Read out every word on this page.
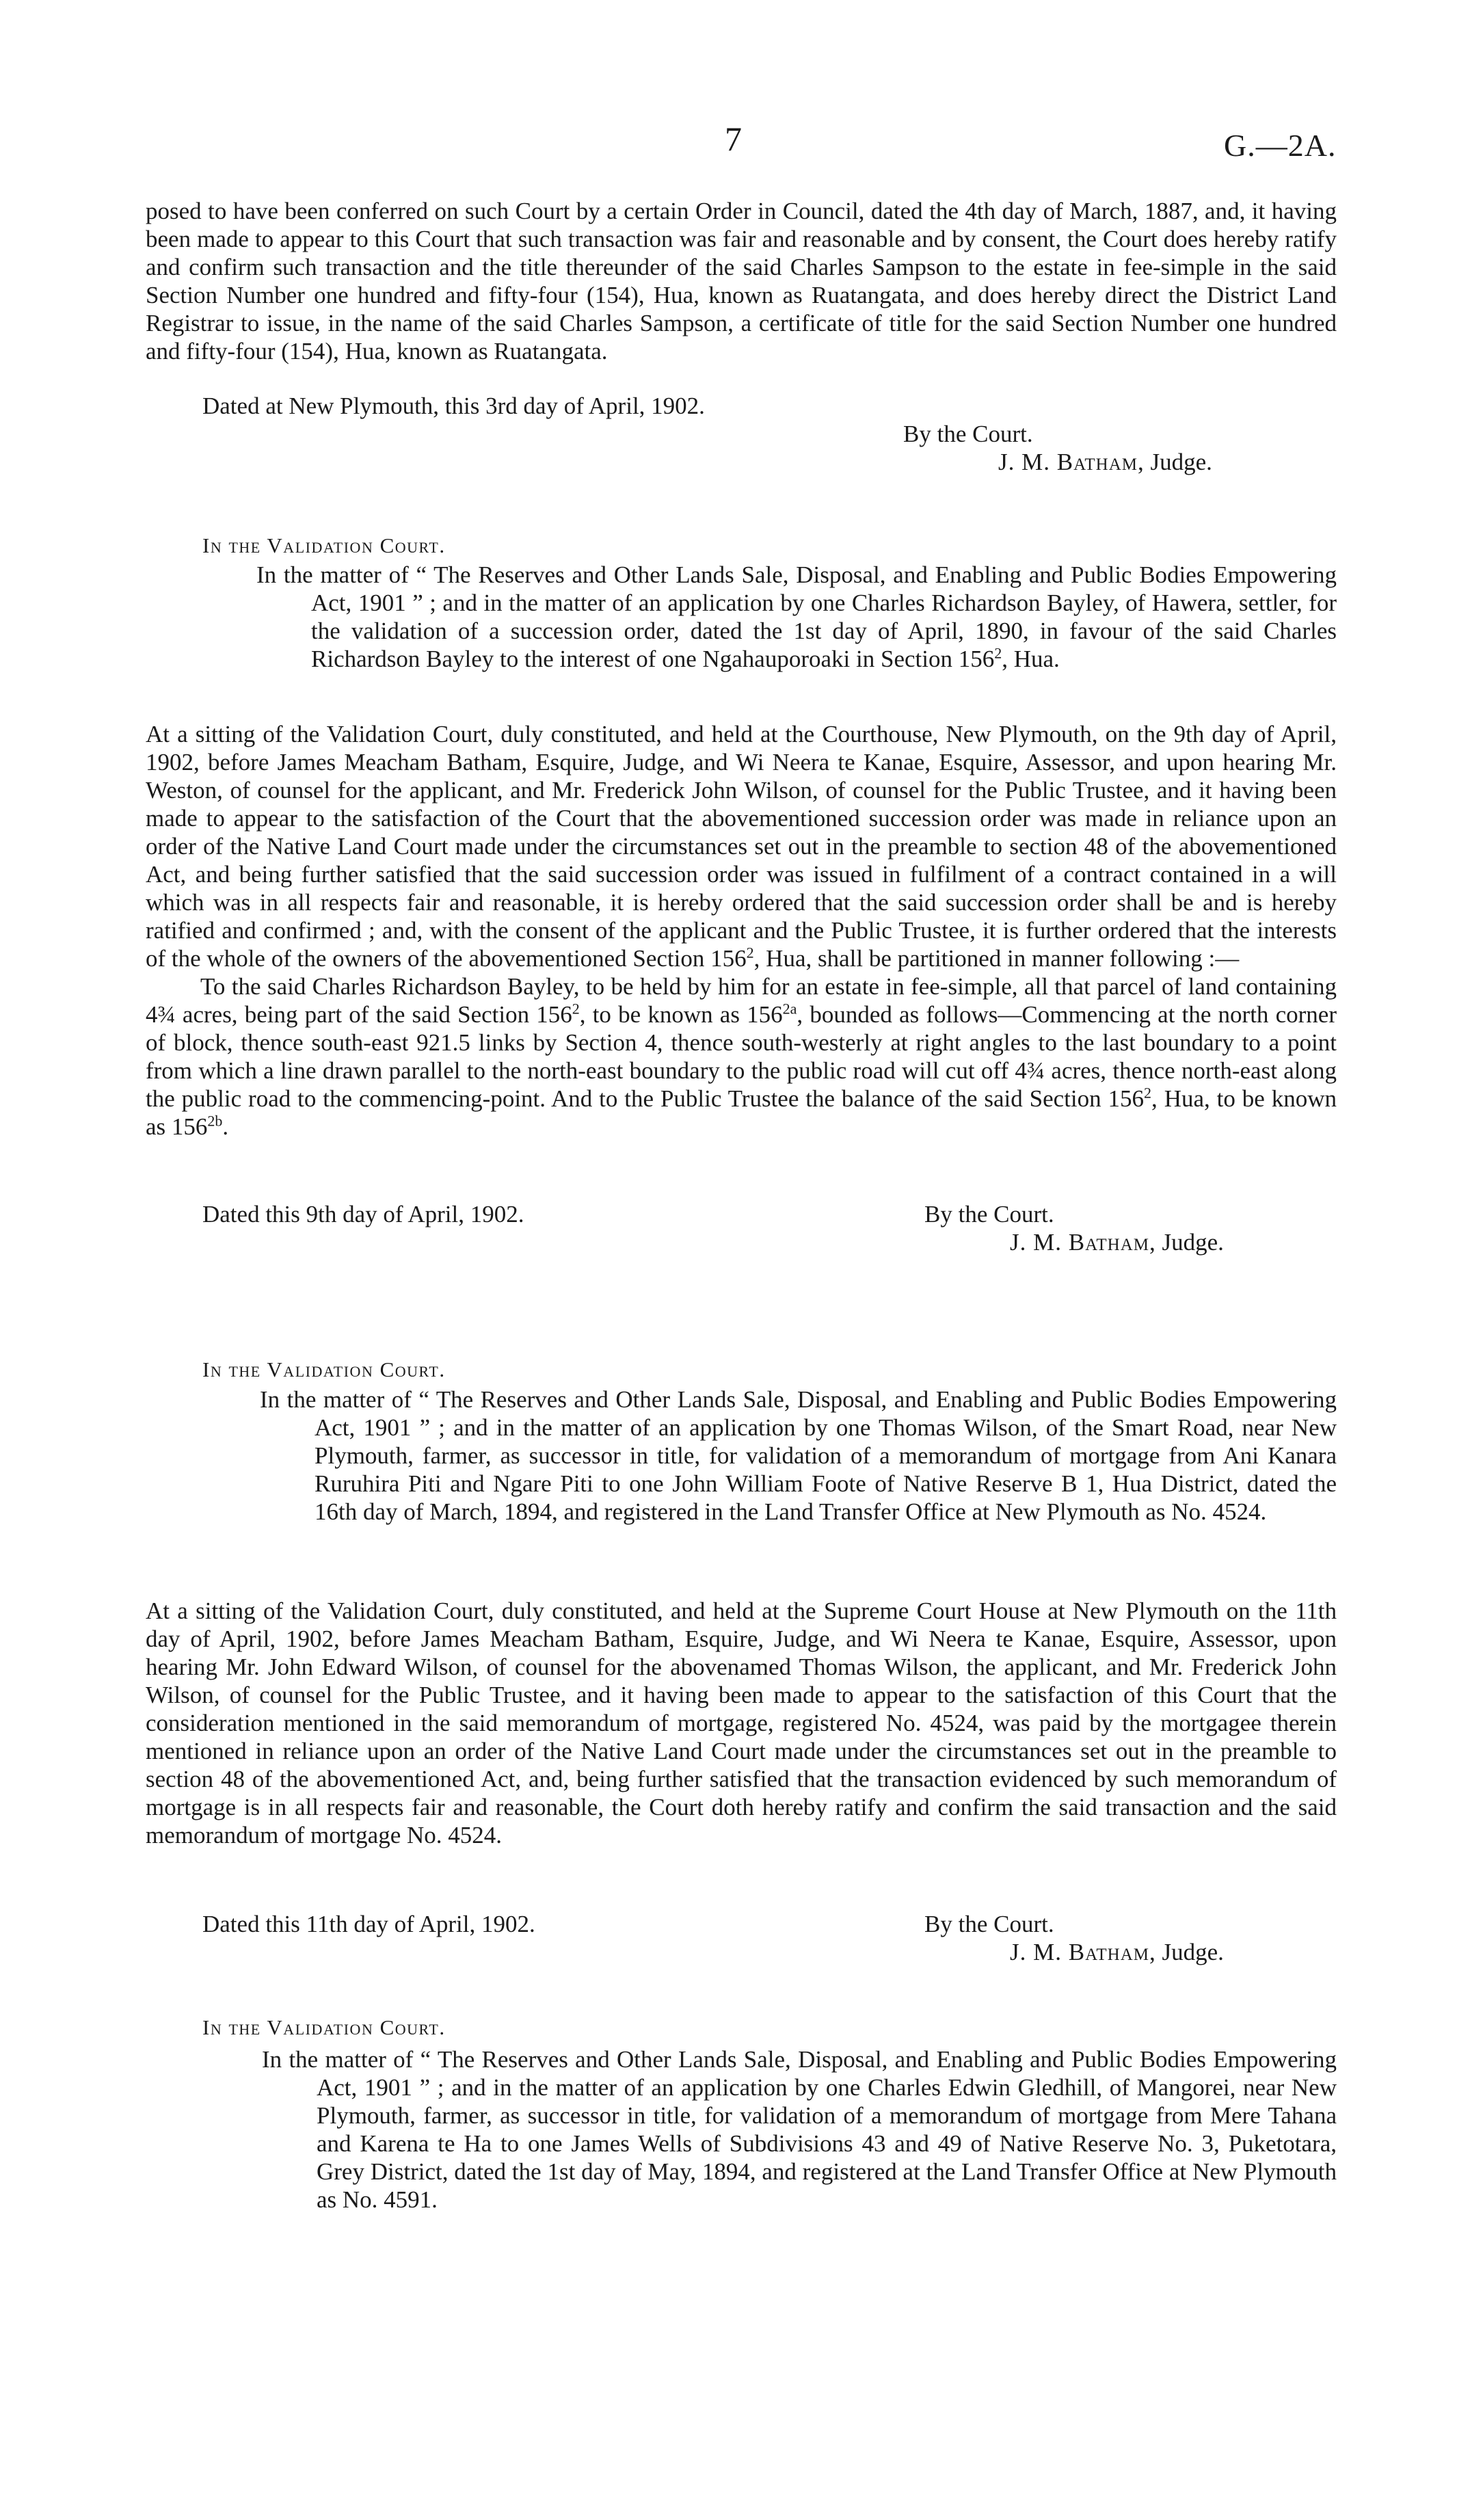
7	G.—2A.

posed to have been conferred on such Court by a certain Order in Council, dated the 4th day of March, 1887, and, it having been made to appear to this Court that such transaction was fair and reasonable and by consent, the Court does hereby ratify and confirm such transaction and the title thereunder of the said Charles Sampson to the estate in fee-simple in the said Section Number one hundred and fifty-four (154), Hua, known as Ruatangata, and does hereby direct the District Land Registrar to issue, in the name of the said Charles Sampson, a certificate of title for the said Section Number one hundred and fifty-four (154), Hua, known as Ruatangata.

Dated at New Plymouth, this 3rd day of April, 1902.
By the Court.
J. M. Batham, Judge.
In the Validation Court.
In the matter of “ The Reserves and Other Lands Sale, Disposal, and Enabling and Public Bodies Empowering Act, 1901 ” ; and in the matter of an application by one Charles Richardson Bayley, of Hawera, settler, for the validation of a succession order, dated the 1st day of April, 1890, in favour of the said Charles Richardson Bayley to the interest of one Ngahauporoaki in Section $156^2$, Hua.

At a sitting of the Validation Court, duly constituted, and held at the Courthouse, New Plymouth, on the 9th day of April, 1902, before James Meacham Batham, Esquire, Judge, and Wi Neera te Kanae, Esquire, Assessor, and upon hearing Mr. Weston, of counsel for the applicant, and Mr. Frederick John Wilson, of counsel for the Public Trustee, and it having been made to appear to the satisfaction of the Court that the abovementioned succession order was made in reliance upon an order of the Native Land Court made under the circumstances set out in the preamble to section 48 of the abovementioned Act, and being further satisfied that the said succession order was issued in fulfilment of a contract contained in a will which was in all respects fair and reasonable, it is hereby ordered that the said succession order shall be and is hereby ratified and confirmed ; and, with the consent of the applicant and the Public Trustee, it is further ordered that the interests of the whole of the owners of the abovementioned Section $156^2$, Hua, shall be partitioned in manner following :—

To the said Charles Richardson Bayley, to be held by him for an estate in fee-simple, all that parcel of land containing 4¾ acres, being part of the said Section $156^2$, to be known as $156^{2a}$, bounded as follows—Commencing at the north corner of block, thence south-east 921.5 links by Section 4, thence south-westerly at right angles to the last boundary to a point from which a line drawn parallel to the north-east boundary to the public road will cut off 4¾ acres, thence north-east along the public road to the commencing-point. And to the Public Trustee the balance of the said Section $156^2$, Hua, to be known as $156^{2b}$.

Dated this 9th day of April, 1902.	By the Court.
J. M. Batham, Judge.
In the Validation Court.
In the matter of “ The Reserves and Other Lands Sale, Disposal, and Enabling and Public Bodies Empowering Act, 1901 ” ; and in the matter of an application by one Thomas Wilson, of the Smart Road, near New Plymouth, farmer, as successor in title, for validation of a memorandum of mortgage from Ani Kanara Ruruhira Piti and Ngare Piti to one John William Foote of Native Reserve B 1, Hua District, dated the 16th day of March, 1894, and registered in the Land Transfer Office at New Plymouth as No. 4524.

At a sitting of the Validation Court, duly constituted, and held at the Supreme Court House at New Plymouth on the 11th day of April, 1902, before James Meacham Batham, Esquire, Judge, and Wi Neera te Kanae, Esquire, Assessor, upon hearing Mr. John Edward Wilson, of counsel for the abovenamed Thomas Wilson, the applicant, and Mr. Frederick John Wilson, of counsel for the Public Trustee, and it having been made to appear to the satisfaction of this Court that the consideration mentioned in the said memorandum of mortgage, registered No. 4524, was paid by the mortgagee therein mentioned in reliance upon an order of the Native Land Court made under the circumstances set out in the preamble to section 48 of the abovementioned Act, and, being further satisfied that the transaction evidenced by such memorandum of mortgage is in all respects fair and reasonable, the Court doth hereby ratify and confirm the said transaction and the said memorandum of mortgage No. 4524.

Dated this 11th day of April, 1902.	By the Court.
J. M. Batham, Judge.
In the Validation Court.
In the matter of “ The Reserves and Other Lands Sale, Disposal, and Enabling and Public Bodies Empowering Act, 1901 ” ; and in the matter of an application by one Charles Edwin Gledhill, of Mangorei, near New Plymouth, farmer, as successor in title, for validation of a memorandum of mortgage from Mere Tahana and Karena te Ha to one James Wells of Subdivisions 43 and 49 of Native Reserve No. 3, Puketotara, Grey District, dated the 1st day of May, 1894, and registered at the Land Transfer Office at New Plymouth as No. 4591.
